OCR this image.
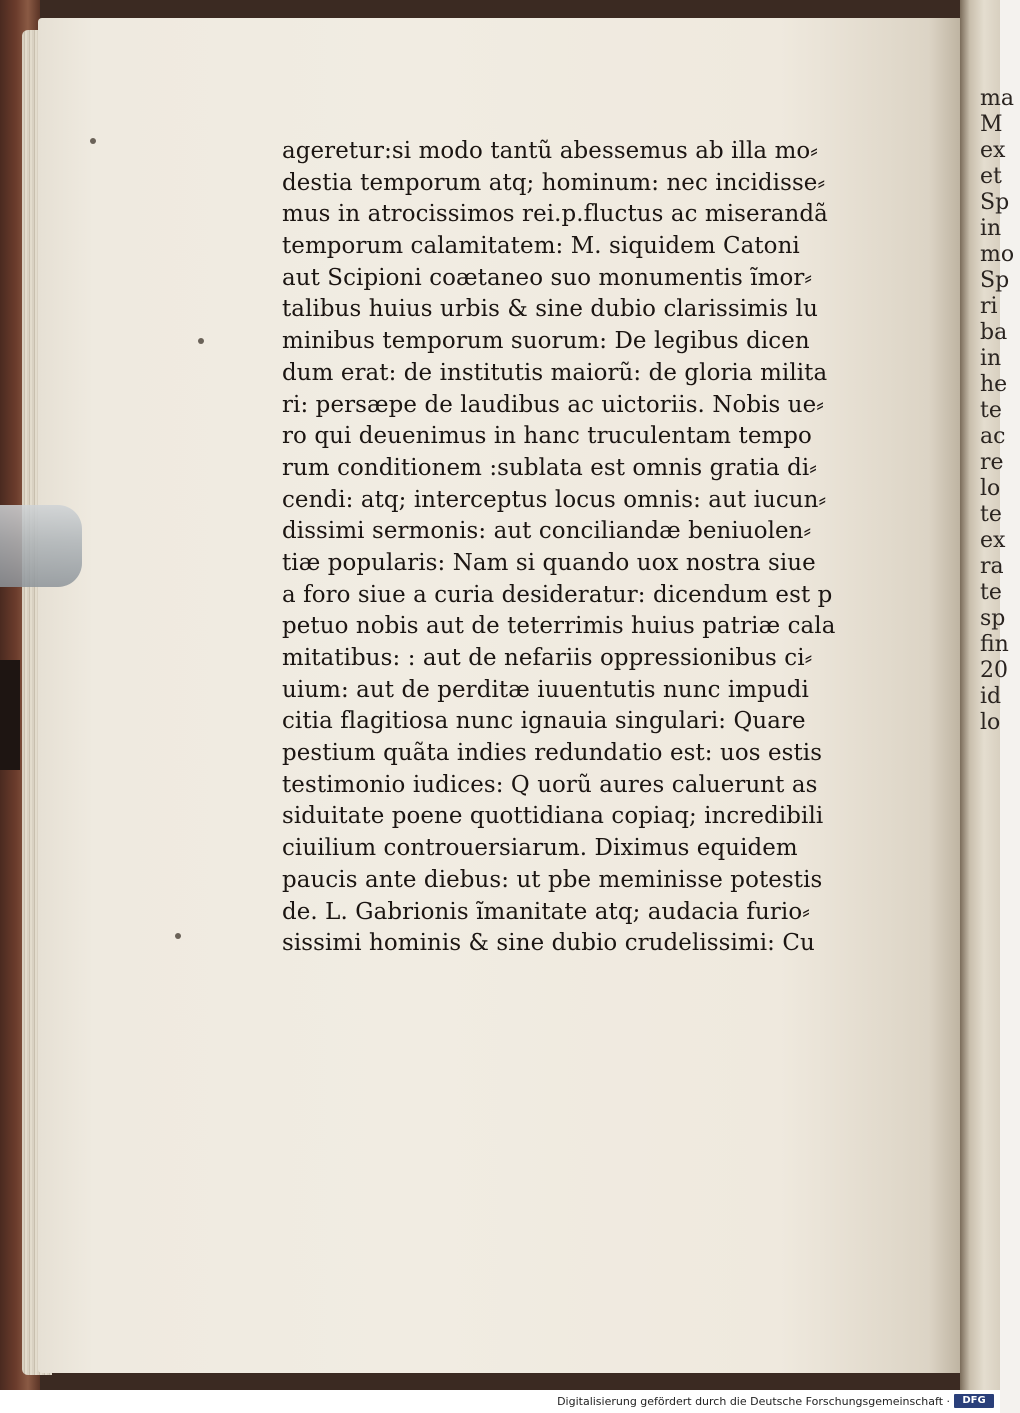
ma
M
ex
et
Sp
in
mo
Sp
ri
ba
in
he
te
ac
re
lo
te
ex
ra
te
sp
fin
20
id
lo
ageretur:si modo tantũ abessemus ab illa mo⸗
destia temporum atq; hominum: nec incidisse⸗
mus in atrocissimos rei.p.fluctus ac miserandã
temporum calamitatem: M. siquidem Catoni
aut Scipioni coætaneo suo monumentis ĩmor⸗
talibus huius urbis & sine dubio clarissimis lu
minibus temporum suorum: De legibus dicen
dum erat: de institutis maiorũ: de gloria milita
ri: persæpe de laudibus ac uictoriis. Nobis ue⸗
ro qui deuenimus in hanc truculentam tempo
rum conditionem :sublata est omnis gratia di⸗
cendi: atq; interceptus locus omnis: aut iucun⸗
dissimi sermonis: aut conciliandæ beniuolen⸗
tiæ popularis: Nam si quando uox nostra siue
a foro siue a curia desideratur: dicendum est p
petuo nobis aut de teterrimis huius patriæ cala
mitatibus: : aut de nefariis oppressionibus ci⸗
uium: aut de perditæ iuuentutis nunc impudi
citia flagitiosa nunc ignauia singulari: Quare
pestium quãta indies redundatio est: uos estis
testimonio iudices: Q uorũ aures caluerunt as
siduitate poene quottidiana copiaq; incredibili
ciuilium controuersiarum. Diximus equidem
paucis ante diebus: ut pbe meminisse potestis
de. L. Gabrionis ĩmanitate atq; audacia furio⸗
sissimi hominis & sine dubio crudelissimi: Cu
Digitalisierung gefördert durch die Deutsche Forschungsgemeinschaft ·	DFG
